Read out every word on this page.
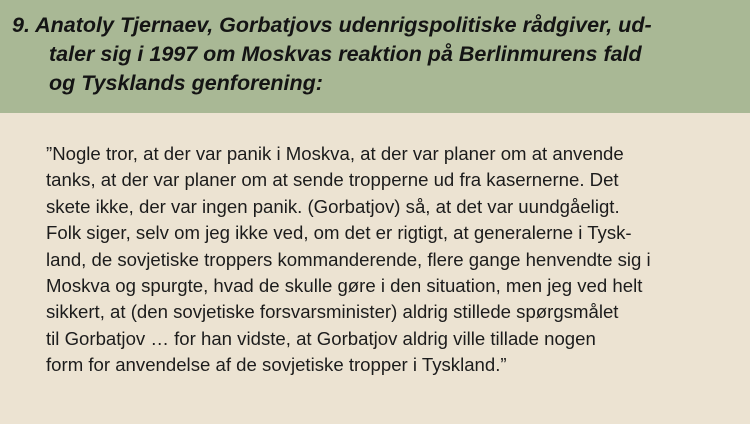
9. Anatoly Tjernaev, Gorbatjovs udenrigspolitiske rådgiver, ud-
taler sig i 1997 om Moskvas reaktion på Berlinmurens fald
og Tysklands genforening:

”Nogle tror, at der var panik i Moskva, at der var planer om at anvende
tanks, at der var planer om at sende tropperne ud fra kasernerne. Det
skete ikke, der var ingen panik. (Gorbatjov) så, at det var uundgåeligt.
Folk siger, selv om jeg ikke ved, om det er rigtigt, at generalerne i Tysk-
land, de sovjetiske troppers kommanderende, flere gange henvendte sig i
Moskva og spurgte, hvad de skulle gøre i den situation, men jeg ved helt
sikkert, at (den sovjetiske forsvarsminister) aldrig stillede spørgsmålet
til Gorbatjov … for han vidste, at Gorbatjov aldrig ville tillade nogen
form for anvendelse af de sovjetiske tropper i Tyskland.”
